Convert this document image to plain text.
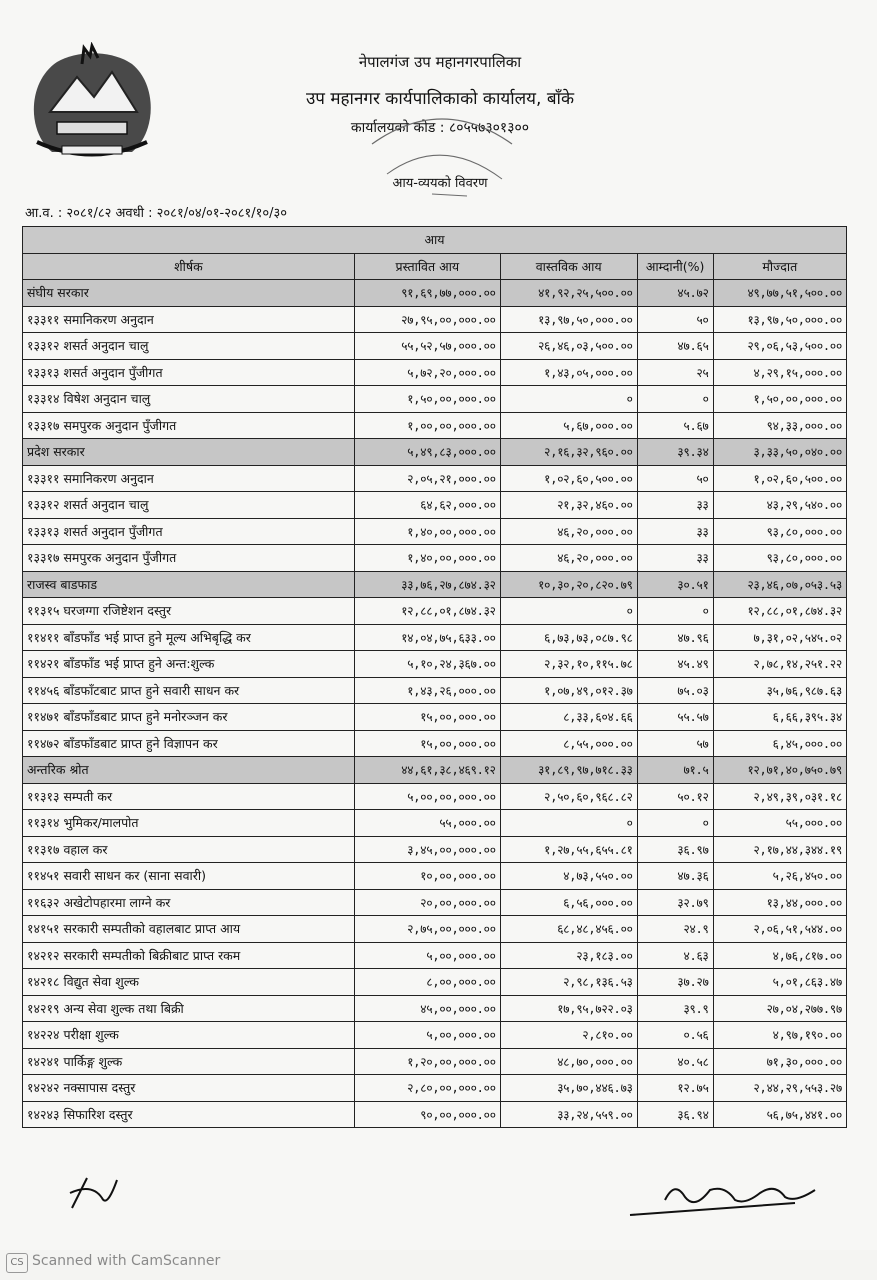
नेपालगंज उप महानगरपालिका
उप महानगर कार्यपालिकाको कार्यालय, बाँके
कार्यालयको कोड : ८०५५७३०१३००
आय-व्ययको विवरण
आ.व. : २०८१/८२ अवधी : २०८१/०४/०१-२०८१/१०/३०
आय				
शीर्षक	प्रस्तावित आय	वास्तविक आय	आम्दानी(%)	मौज्दात
संघीय सरकार	९१,६९,७७,०००.००	४१,९२,२५,५००.००	४५.७२	४९,७७,५१,५००.००
१३३११ समानिकरण अनुदान	२७,९५,००,०००.००	१३,९७,५०,०००.००	५०	१३,९७,५०,०००.००
१३३१२ शसर्त अनुदान चालु	५५,५२,५७,०००.००	२६,४६,०३,५००.००	४७.६५	२९,०६,५३,५००.००
१३३१३ शसर्त अनुदान पुँजीगत	५,७२,२०,०००.००	१,४३,०५,०००.००	२५	४,२९,१५,०००.००
१३३१४ विषेश अनुदान चालु	१,५०,००,०००.००	०	०	१,५०,००,०००.००
१३३१७ समपुरक अनुदान पुँजीगत	१,००,००,०००.००	५,६७,०००.००	५.६७	९४,३३,०००.००
प्रदेश सरकार	५,४९,८३,०००.००	२,१६,३२,९६०.००	३९.३४	३,३३,५०,०४०.००
१३३११ समानिकरण अनुदान	२,०५,२१,०००.००	१,०२,६०,५००.००	५०	१,०२,६०,५००.००
१३३१२ शसर्त अनुदान चालु	६४,६२,०००.००	२१,३२,४६०.००	३३	४३,२९,५४०.००
१३३१३ शसर्त अनुदान पुँजीगत	१,४०,००,०००.००	४६,२०,०००.००	३३	९३,८०,०००.००
१३३१७ समपुरक अनुदान पुँजीगत	१,४०,००,०००.००	४६,२०,०००.००	३३	९३,८०,०००.००
राजस्व बाडफाड	३३,७६,२७,८७४.३२	१०,३०,२०,८२०.७९	३०.५१	२३,४६,०७,०५३.५३
११३१५ घरजग्गा रजिष्टेशन दस्तुर	१२,८८,०१,८७४.३२	०	०	१२,८८,०१,८७४.३२
११४११ बाँडफाँड भई प्राप्त हुने मूल्य अभिबृद्धि कर	१४,०४,७५,६३३.००	६,७३,७३,०८७.९८	४७.९६	७,३१,०२,५४५.०२
११४२१ बाँडफाँड भई प्राप्त हुने अन्त:शुल्क	५,१०,२४,३६७.००	२,३२,१०,११५.७८	४५.४९	२,७८,१४,२५१.२२
११४५६ बाँडफाँटबाट प्राप्त हुने सवारी साधन कर	१,४३,२६,०००.००	१,०७,४९,०१२.३७	७५.०३	३५,७६,९८७.६३
११४७१ बाँडफाँडबाट प्राप्त हुने मनोरञ्जन कर	१५,००,०००.००	८,३३,६०४.६६	५५.५७	६,६६,३९५.३४
११४७२ बाँडफाँडबाट प्राप्त हुने विज्ञापन कर	१५,००,०००.००	८,५५,०००.००	५७	६,४५,०००.००
अन्तरिक श्रोत	४४,६१,३८,४६९.१२	३१,८९,९७,७१८.३३	७१.५	१२,७१,४०,७५०.७९
११३१३ सम्पती कर	५,००,००,०००.००	२,५०,६०,९६८.८२	५०.१२	२,४९,३९,०३१.१८
११३१४ भुमिकर/मालपोत	५५,०००.००	०	०	५५,०००.००
११३१७ वहाल कर	३,४५,००,०००.००	१,२७,५५,६५५.८१	३६.९७	२,१७,४४,३४४.१९
११४५१ सवारी साधन कर (साना सवारी)	१०,००,०००.००	४,७३,५५०.००	४७.३६	५,२६,४५०.००
११६३२ अखेटोपहारमा लाग्ने कर	२०,००,०००.००	६,५६,०००.००	३२.७९	१३,४४,०००.००
१४१५१ सरकारी सम्पतीको वहालबाट प्राप्त आय	२,७५,००,०००.००	६८,४८,४५६.००	२४.९	२,०६,५१,५४४.००
१४२१२ सरकारी सम्पतीको बिक्रीबाट प्राप्त रकम	५,००,०००.००	२३,१८३.००	४.६३	४,७६,८१७.००
१४२१८ विद्युत सेवा शुल्क	८,००,०००.००	२,९८,१३६.५३	३७.२७	५,०१,८६३.४७
१४२१९ अन्य सेवा शुल्क तथा बिक्री	४५,००,०००.००	१७,९५,७२२.०३	३९.९	२७,०४,२७७.९७
१४२२४ परीक्षा शुल्क	५,००,०००.००	२,८१०.००	०.५६	४,९७,१९०.००
१४२४१ पार्किङ्ग शुल्क	१,२०,००,०००.००	४८,७०,०००.००	४०.५८	७१,३०,०००.००
१४२४२ नक्सापास दस्तुर	२,८०,००,०००.००	३५,७०,४४६.७३	१२.७५	२,४४,२९,५५३.२७
१४२४३ सिफारिश दस्तुर	९०,००,०००.००	३३,२४,५५९.००	३६.९४	५६,७५,४४१.००
CS Scanned with CamScanner
